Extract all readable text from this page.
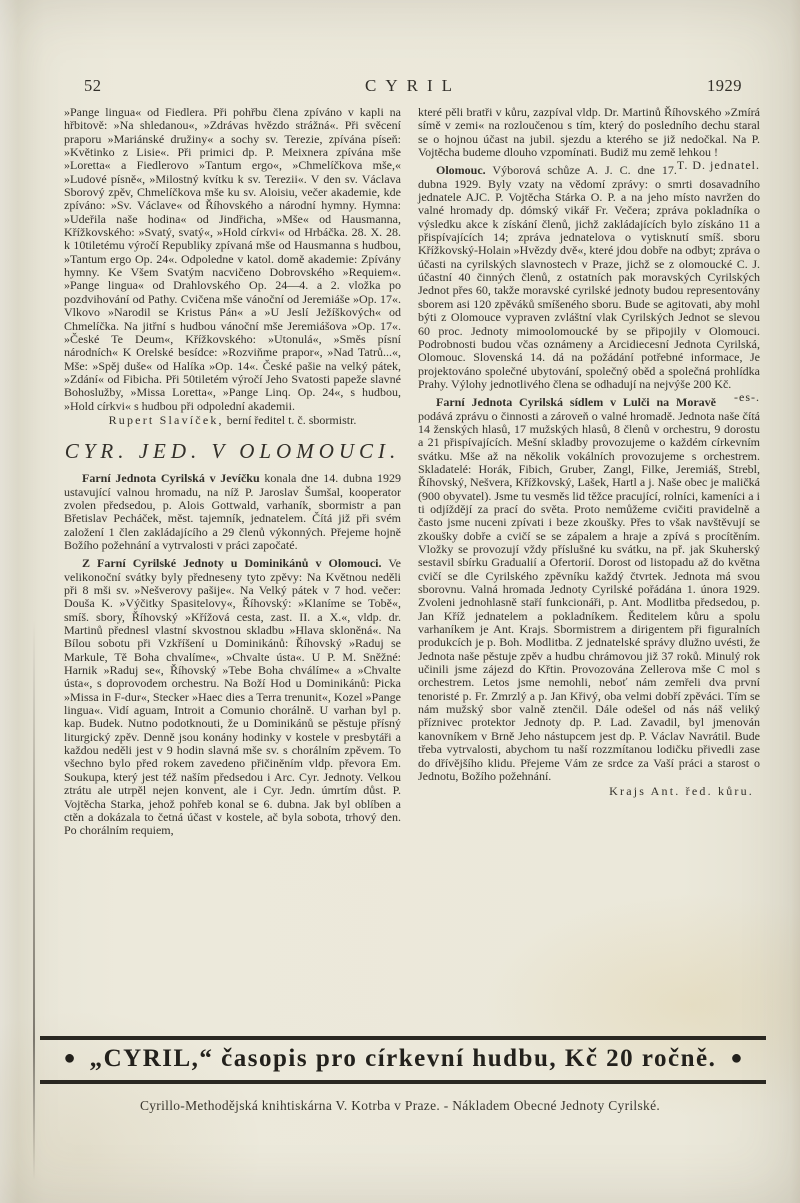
52	CYRIL	1929

»Pange lingua« od Fiedlera. Při pohřbu člena zpíváno v kapli na hřbitově: »Na shledanou«, »Zdrávas hvězdo strážná«. Při svěcení praporu »Mariánské družiny« a sochy sv. Terezie, zpívána píseň: »Květinko z Lisie«. Při primici dp. P. Meixnera zpívána mše »Loretta« a Fiedlerovo »Tantum ergo«, »Chmelíčkova mše,« »Ludové písně«, »Milostný kvítku k sv. Terezii«. V den sv. Václava Sborový zpěv, Chmelíčkova mše ku sv. Aloisiu, večer akademie, kde zpíváno: »Sv. Václave« od Říhovského a národní hymny. Hymna: »Udeřila naše hodina« od Jindřicha, »Mše« od Hausmanna, Křížkovského: »Svatý, svatý«, »Hold církvi« od Hrbáčka. 28. X. 28. k 10tiletému výročí Republiky zpívaná mše od Hausmanna s hudbou, »Tantum ergo Op. 24«. Odpoledne v katol. domě akademie: Zpívány hymny. Ke Všem Svatým nacvičeno Dobrovského »Requiem«. »Pange lingua« od Drahlovského Op. 24—4. a 2. vložka po pozdvihování od Pathy. Cvičena mše vánoční od Jeremiáše »Op. 17«. Vlkovo »Narodil se Kristus Pán« a »U Jeslí Ježíškových« od Chmelíčka. Na jitřní s hudbou vánoční mše Jeremiášova »Op. 17«. »České Te Deum«, Křížkovského: »Utonulá«, »Směs písní národních« K Orelské besídce: »Rozviňme prapor«, »Nad Tatrů...«, Mše: »Spěj duše« od Halíka »Op. 14«. České pašie na velký pátek, »Zdání« od Fibicha. Při 50tiletém výročí Jeho Svatosti papeže slavné Bohoslužby, »Missa Loretta«, »Pange Linq. Op. 24«, s hudbou, »Hold církvi« s hudbou při odpolední akademii.

Rupert Slavíček, berní ředitel t. č. sbormistr.

CYR. JED. V OLOMOUCI.

Farní Jednota Cyrilská v Jevíčku konala dne 14. dubna 1929 ustavující valnou hromadu, na níž P. Jaroslav Šumšal, kooperator zvolen předsedou, p. Alois Gottwald, varhaník, sbormistr a pan Břetislav Pecháček, měst. tajemník, jednatelem. Čítá již při svém založení 1 člen zakládajícího a 29 členů výkonných. Přejeme hojně Božího požehnání a vytrvalosti v práci započaté.

Z Farní Cyrilské Jednoty u Dominikánů v Olomouci. Ve velikonoční svátky byly předneseny tyto zpěvy: Na Květnou neděli při 8 mši sv. »Nešverovy pašije«. Na Velký pátek v 7 hod. večer: Douša K. »Výčitky Spasitelovy«, Říhovský: »Klaníme se Tobě«, smíš. sbory, Říhovský »Křížová cesta, zast. II. a X.«, vldp. dr. Martinů přednesl vlastní skvostnou skladbu »Hlava skloněná«. Na Bílou sobotu při Vzkříšení u Dominikánů: Říhovský »Raduj se Markule, Tě Boha chvalíme«, »Chvalte ústa«. U P. M. Sněžné: Harnik »Raduj se«, Říhovský »Tebe Boha chválíme« a »Chvalte ústa«, s doprovodem orchestru. Na Boží Hod u Dominikánů: Picka »Missa in F-dur«, Stecker »Haec dies a Terra trenunit«, Kozel »Pange lingua«. Vidí aguam, Introit a Comunio chorálně. U varhan byl p. kap. Budek. Nutno podotknouti, že u Dominikánů se pěstuje přísný liturgický zpěv. Denně jsou konány hodinky v kostele v presbytáři a každou neděli jest v 9 hodin slavná mše sv. s chorálním zpěvem. To všechno bylo před rokem zavedeno přičiněním vldp. převora Em. Soukupa, který jest též naším předsedou i Arc. Cyr. Jednoty. Velkou ztrátu ale utrpěl nejen konvent, ale i Cyr. Jedn. úmrtím důst. P. Vojtěcha Starka, jehož pohřeb konal se 6. dubna. Jak byl oblíben a ctěn a dokázala to četná účast v kostele, ač byla sobota, trhový den. Po chorálním requiem,

které pěli bratři v kůru, zazpíval vldp. Dr. Martinů Říhovského »Zmírá símě v zemi« na rozloučenou s tím, který do posledního dechu staral se o hojnou účast na jubil. sjezdu a kterého se již nedočkal. Na P. Vojtěcha budeme dlouho vzpomínati. Budiž mu země lehkou !
T. D. jednatel.

Olomouc. Výborová schůze A. J. C. dne 17. dubna 1929. Byly vzaty na vědomí zprávy: o smrti dosavadního jednatele AJC. P. Vojtěcha Stárka O. P. a na jeho místo navržen do valné hromady dp. dómský vikář Fr. Večera; zpráva pokladníka o výsledku akce k získání členů, jichž zakládajících bylo získáno 11 a přispívajících 14; zpráva jednatelova o vytisknutí smíš. sboru Křížkovský-Holain »Hvězdy dvě«, které jdou dobře na odbyt; zpráva o účasti na cyrilských slavnostech v Praze, jichž se z olomoucké C. J. účastní 40 činných členů, z ostatních pak moravských Cyrilských Jednot přes 60, takže moravské cyrilské jednoty budou representovány sborem asi 120 zpěváků smíšeného sboru. Bude se agitovati, aby mohl býti z Olomouce vypraven zvláštní vlak Cyrilských Jednot se slevou 60 proc. Jednoty mimoolomoucké by se připojily v Olomouci. Podrobnosti budou včas oznámeny a Arcidiecesní Jednota Cyrilská, Olomouc. Slovenská 14. dá na požádání potřebné informace, Je projektováno společné ubytování, společný oběd a společná prohlídka Prahy. Výlohy jednotlivého člena se odhadují na nejvýše 200 Kč.
-es-.

Farní Jednota Cyrilská sídlem v Lulči na Moravě podává zprávu o činnosti a zároveň o valné hromadě. Jednota naše čítá 14 ženských hlasů, 17 mužských hlasů, 8 členů v orchestru, 9 dorostu a 21 přispívajících. Mešní skladby provozujeme o každém církevním svátku. Mše až na několik vokálních provozujeme s orchestrem. Skladatelé: Horák, Fibich, Gruber, Zangl, Filke, Jeremiáš, Strebl, Říhovský, Nešvera, Křížkovský, Lašek, Hartl a j. Naše obec je maličká (900 obyvatel). Jsme tu vesměs lid těžce pracující, rolníci, kameníci a i ti odjíždějí za prací do světa. Proto nemůžeme cvičiti pravidelně a často jsme nuceni zpívati i beze zkoušky. Přes to však navštěvují se zkoušky dobře a cvičí se se zápalem a hraje a zpívá s procítěním. Vložky se provozují vždy příslušné ku svátku, na př. jak Skuherský sestavil sbírku Gradualií a Ofertorií. Dorost od listopadu až do května cvičí se dle Cyrilského zpěvníku každý čtvrtek. Jednota má svou sborovnu. Valná hromada Jednoty Cyrilské pořádána 1. února 1929. Zvoleni jednohlasně staří funkcionáři, p. Ant. Modlitba předsedou, p. Jan Kříž jednatelem a pokladníkem. Ředitelem kůru a spolu varhaníkem je Ant. Krajs. Sbormistrem a dirigentem při figuralních produkcích je p. Boh. Modlitba. Z jednatelské správy dlužno uvésti, že Jednota naše pěstuje zpěv a hudbu chrámovou již 37 roků. Minulý rok učinili jsme zájezd do Křtin. Provozována Zellerova mše C mol s orchestrem. Letos jsme nemohli, neboť nám zemřeli dva první tenoristé p. Fr. Zmrzlý a p. Jan Křivý, oba velmi dobří zpěváci. Tím se nám mužský sbor valně ztenčil. Dále odešel od nás náš veliký příznivec protektor Jednoty dp. P. Lad. Zavadil, byl jmenován kanovníkem v Brně Jeho nástupcem jest dp. P. Václav Navrátil. Bude třeba vytrvalosti, abychom tu naší rozzmítanou lodičku přivedli zase do dřívějšího klidu. Přejeme Vám ze srdce za Vaší práci a starost o Jednotu, Božího požehnání.

Krajs Ant. řed. kůru.
● „CYRIL,“ časopis pro církevní hudbu, Kč 20 ročně. ●
Cyrillo-Methodějská knihtiskárna V. Kotrba v Praze. - Nákladem Obecné Jednoty Cyrilské.
